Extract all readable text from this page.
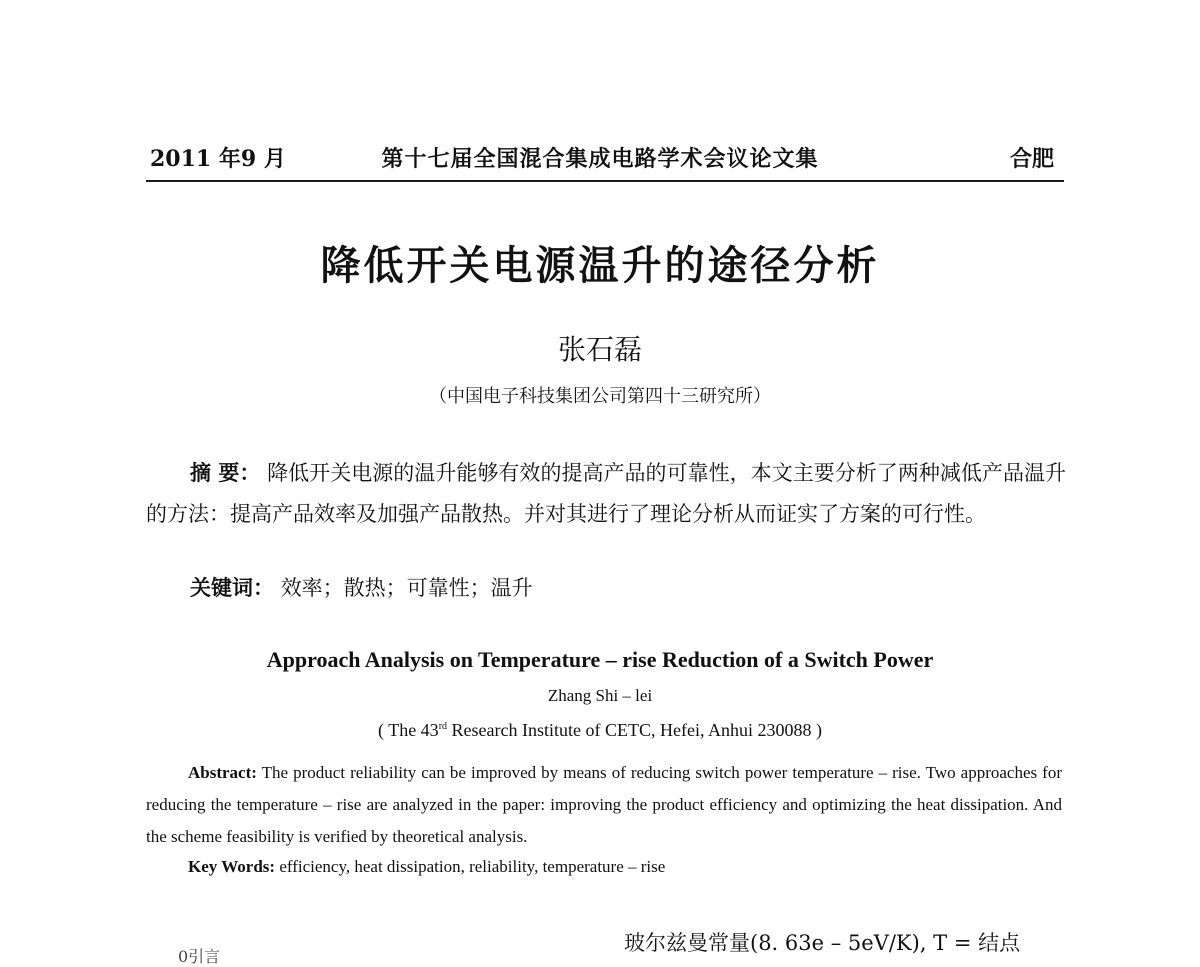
2011 年9 月	第十七届全国混合集成电路学术会议论文集	合肥
降低开关电源温升的途径分析
张石磊
（中国电子科技集团公司第四十三研究所）
摘 要： 降低开关电源的温升能够有效的提高产品的可靠性，本文主要分析了两种减低产品温升的方法：提高产品效率及加强产品散热。并对其进行了理论分析从而证实了方案的可行性。
关键词： 效率；散热；可靠性；温升
Approach Analysis on Temperature – rise Reduction of a Switch Power
Zhang Shi – lei
( The 43rd Research Institute of CETC, Hefei, Anhui 230088 )
Abstract: The product reliability can be improved by means of reducing switch power temperature – rise. Two approaches for reducing the temperature – rise are analyzed in the paper: improving the product efficiency and optimizing the heat dissipation. And the scheme feasibility is verified by theoretical analysis.
Key Words: efficiency, heat dissipation, reliability, temperature – rise
0引言
玻尔兹曼常量(8. 63e – 5eV/K), T = 结点
